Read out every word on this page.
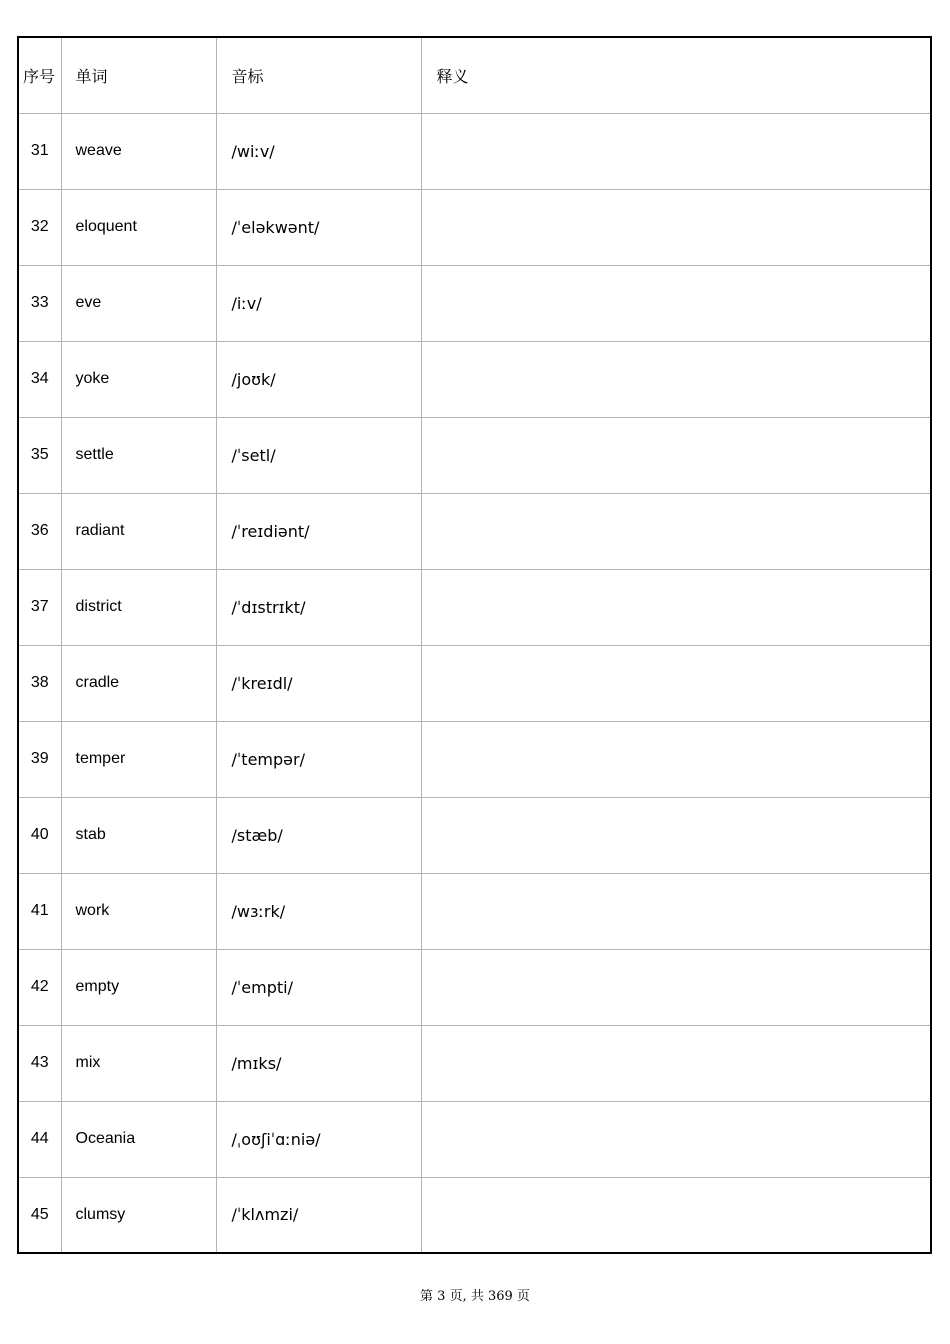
序号	单词	音标	释义
31	weave	/wiːv/	
32	eloquent	/ˈeləkwənt/	
33	eve	/iːv/	
34	yoke	/joʊk/	
35	settle	/ˈsetl/	
36	radiant	/ˈreɪdiənt/	
37	district	/ˈdɪstrɪkt/	
38	cradle	/ˈkreɪdl/	
39	temper	/ˈtempər/	
40	stab	/stæb/	
41	work	/wɜːrk/	
42	empty	/ˈempti/	
43	mix	/mɪks/	
44	Oceania	/ˌoʊʃiˈɑːniə/	
45	clumsy	/ˈklʌmzi/	
第 3 页, 共 369 页
